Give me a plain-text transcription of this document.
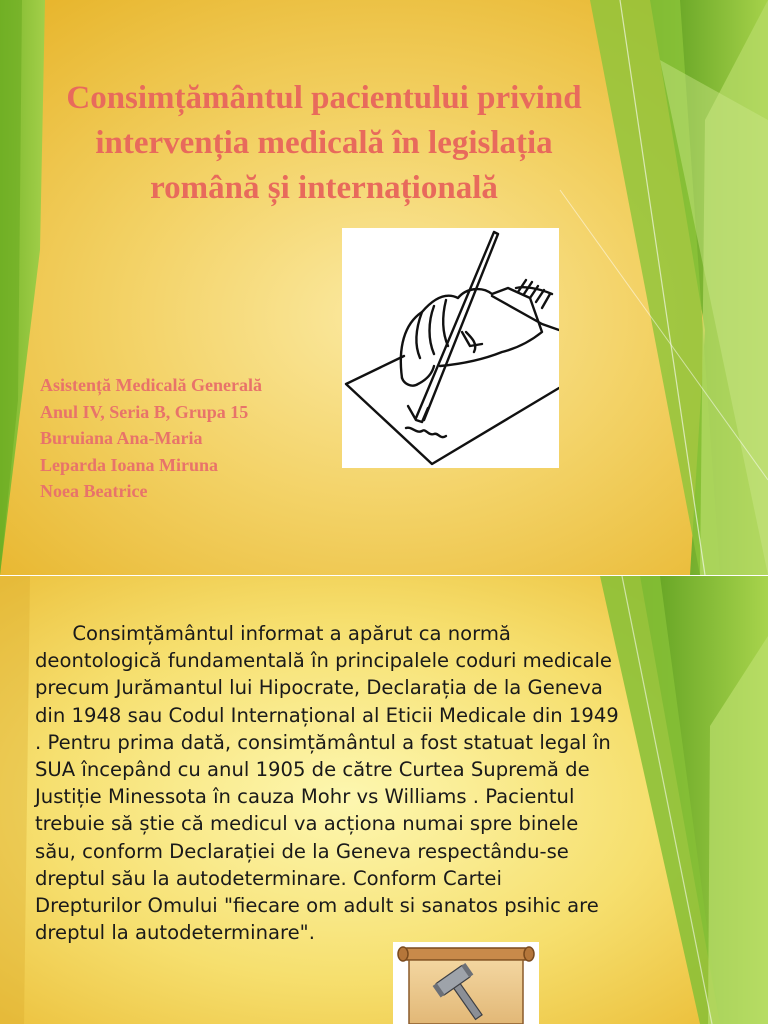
Consimțământul pacientului privind
intervenția medicală în legislația
română și internațională
Asistență Medicală Generală
Anul IV, Seria B, Grupa 15
Buruiana Ana-Maria
Leparda Ioana Miruna
Noea Beatrice
Consimțământul informat a apărut ca normă
deontologică fundamentală în principalele coduri medicale
precum Jurămantul lui Hipocrate, Declarația de la Geneva
din 1948 sau Codul Internațional al Eticii Medicale din 1949
. Pentru prima dată, consimțământul a fost statuat legal în
SUA începând cu anul 1905 de către Curtea Supremă de
Justiție Minessota în cauza Mohr vs Williams . Pacientul
trebuie să știe că medicul va acționa numai spre binele
său, conform Declarației de la Geneva respectându-se
dreptul său la autodeterminare. Conform Cartei
Drepturilor Omului "fiecare om adult si sanatos psihic are
dreptul la autodeterminare".
